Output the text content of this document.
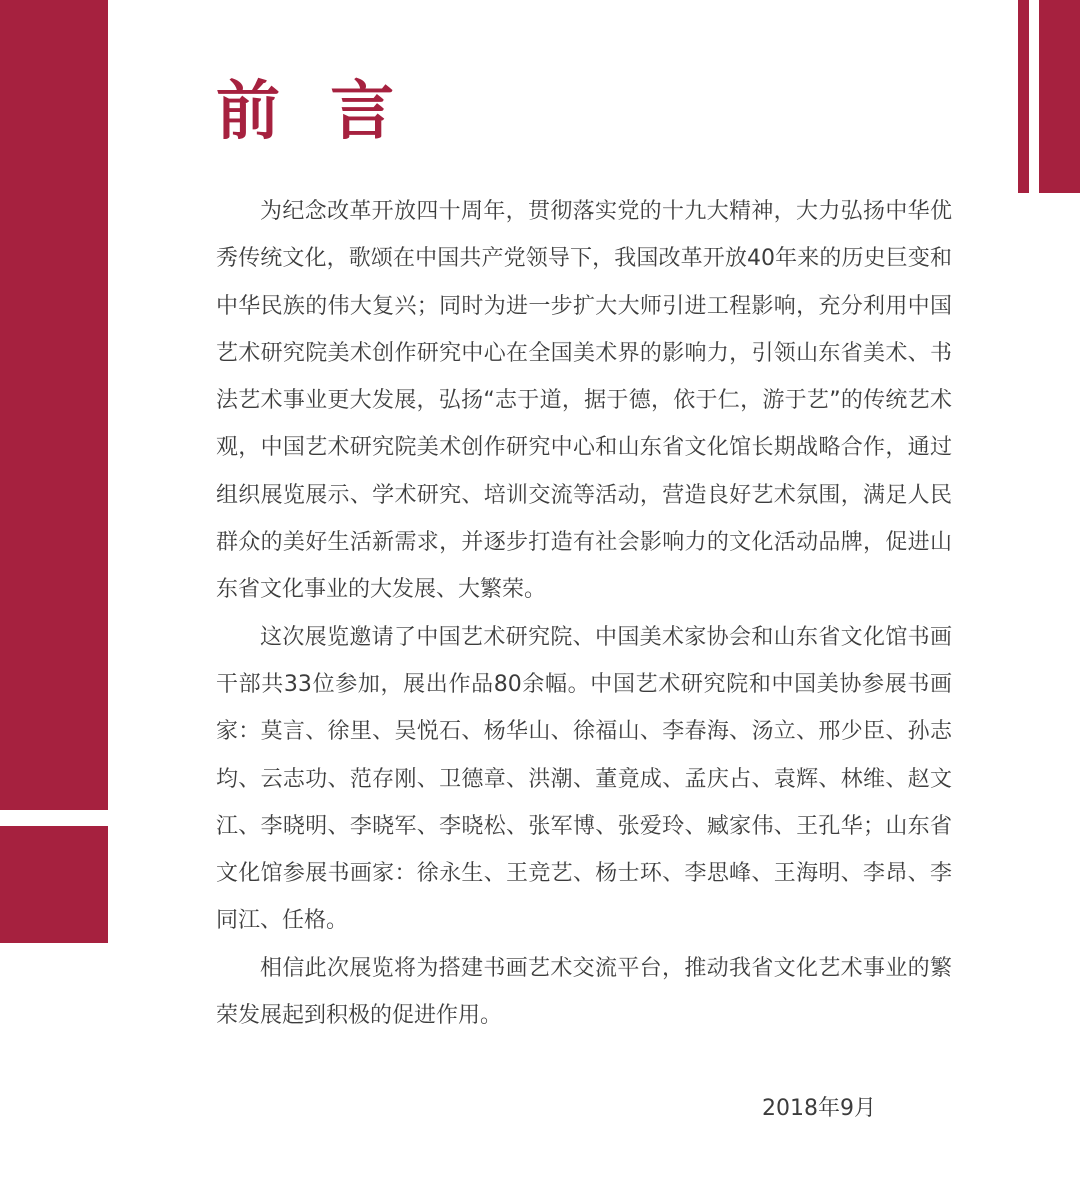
前 言

为纪念改革开放四十周年，贯彻落实党的十九大精神，大力弘扬中华优秀传统文化，歌颂在中国共产党领导下，我国改革开放40年来的历史巨变和中华民族的伟大复兴；同时为进一步扩大大师引进工程影响，充分利用中国艺术研究院美术创作研究中心在全国美术界的影响力，引领山东省美术、书法艺术事业更大发展，弘扬“志于道，据于德，依于仁，游于艺”的传统艺术观，中国艺术研究院美术创作研究中心和山东省文化馆长期战略合作，通过组织展览展示、学术研究、培训交流等活动，营造良好艺术氛围，满足人民群众的美好生活新需求，并逐步打造有社会影响力的文化活动品牌，促进山东省文化事业的大发展、大繁荣。

这次展览邀请了中国艺术研究院、中国美术家协会和山东省文化馆书画干部共33位参加，展出作品80余幅。中国艺术研究院和中国美协参展书画家：莫言、徐里、吴悦石、杨华山、徐福山、李春海、汤立、邢少臣、孙志均、云志功、范存刚、卫德章、洪潮、董竟成、孟庆占、袁辉、林维、赵文江、李晓明、李晓军、李晓松、张军博、张爱玲、臧家伟、王孔华；山东省文化馆参展书画家：徐永生、王竞艺、杨士环、李思峰、王海明、李昂、李同江、任格。

相信此次展览将为搭建书画艺术交流平台，推动我省文化艺术事业的繁荣发展起到积极的促进作用。

2018年9月
